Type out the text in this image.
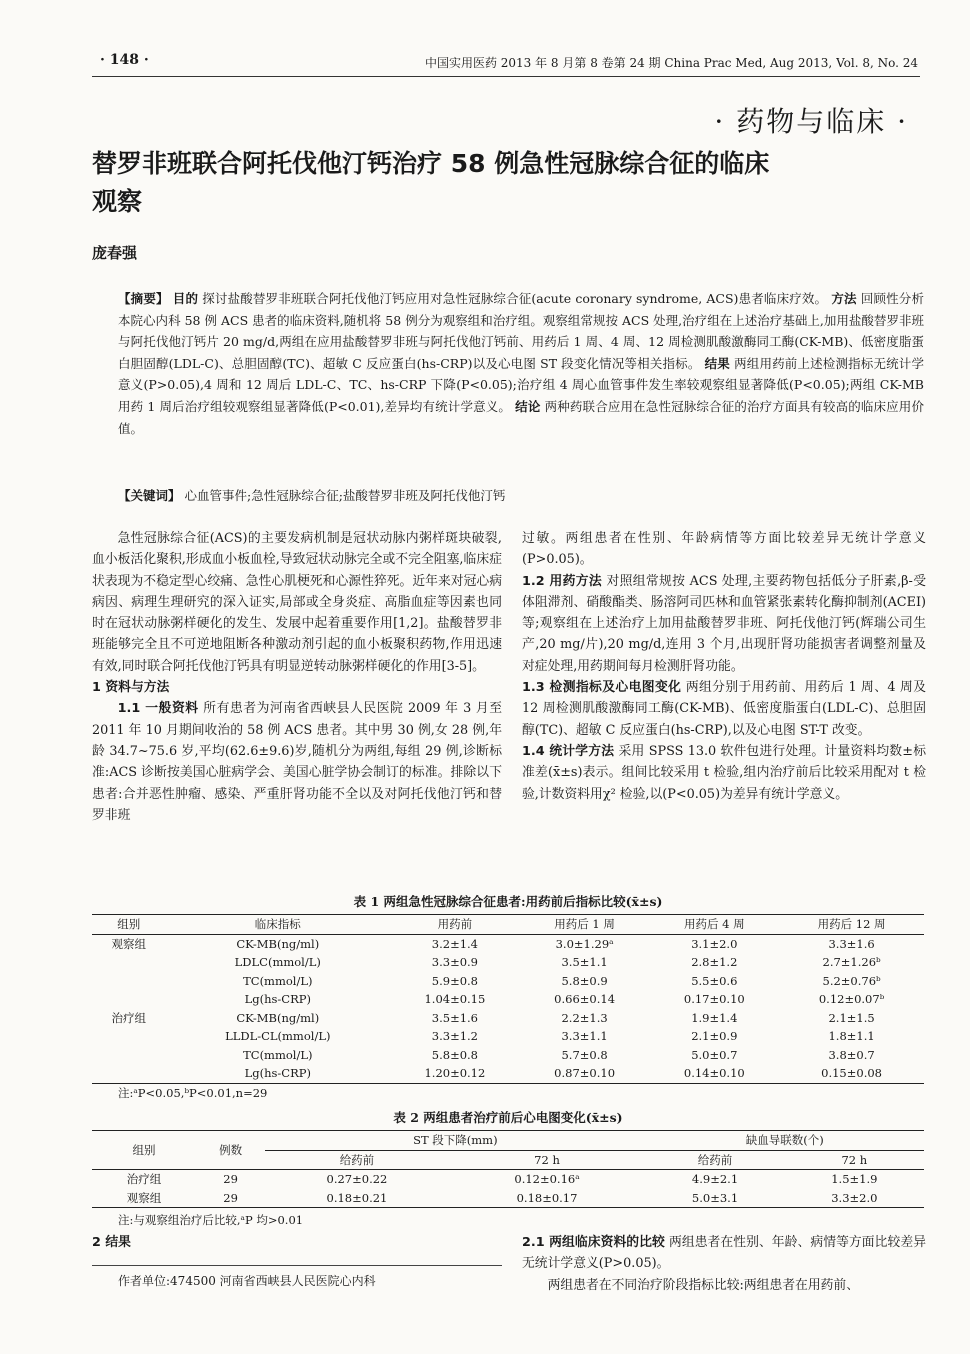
· 148 ·	中国实用医药 2013 年 8 月第 8 卷第 24 期 China Prac Med, Aug 2013, Vol. 8, No. 24
· 药物与临床 ·
替罗非班联合阿托伐他汀钙治疗 58 例急性冠脉综合征的临床观察
庞春强
【摘要】 目的 探讨盐酸替罗非班联合阿托伐他汀钙应用对急性冠脉综合征(acute coronary syndrome, ACS)患者临床疗效。 方法 回顾性分析本院心内科 58 例 ACS 患者的临床资料,随机将 58 例分为观察组和治疗组。观察组常规按 ACS 处理,治疗组在上述治疗基础上,加用盐酸替罗非班与阿托伐他汀钙片 20 mg/d,两组在应用盐酸替罗非班与阿托伐他汀钙前、用药后 1 周、4 周、12 周检测肌酸激酶同工酶(CK-MB)、低密度脂蛋白胆固醇(LDL-C)、总胆固醇(TC)、超敏 C 反应蛋白(hs-CRP)以及心电图 ST 段变化情况等相关指标。 结果 两组用药前上述检测指标无统计学意义(P>0.05),4 周和 12 周后 LDL-C、TC、hs-CRP 下降(P<0.05);治疗组 4 周心血管事件发生率较观察组显著降低(P<0.05);两组 CK-MB 用药 1 周后治疗组较观察组显著降低(P<0.01),差异均有统计学意义。 结论 两种药联合应用在急性冠脉综合征的治疗方面具有较高的临床应用价值。
【关键词】 心血管事件;急性冠脉综合征;盐酸替罗非班及阿托伐他汀钙

急性冠脉综合征(ACS)的主要发病机制是冠状动脉内粥样斑块破裂,血小板活化聚积,形成血小板血栓,导致冠状动脉完全或不完全阻塞,临床症状表现为不稳定型心绞痛、急性心肌梗死和心源性猝死。近年来对冠心病病因、病理生理研究的深入证实,局部或全身炎症、高脂血症等因素也同时在冠状动脉粥样硬化的发生、发展中起着重要作用[1,2]。盐酸替罗非班能够完全且不可逆地阻断各种激动剂引起的血小板聚积药物,作用迅速有效,同时联合阿托伐他汀钙具有明显逆转动脉粥样硬化的作用[3-5]。

1 资料与方法

1.1 一般资料 所有患者为河南省西峡县人民医院 2009 年 3 月至 2011 年 10 月期间收治的 58 例 ACS 患者。其中男 30 例,女 28 例,年龄 34.7~75.6 岁,平均(62.6±9.6)岁,随机分为两组,每组 29 例,诊断标准:ACS 诊断按美国心脏病学会、美国心脏学协会制订的标准。排除以下患者:合并恶性肿瘤、感染、严重肝肾功能不全以及对阿托伐他汀钙和替罗非班

过敏。两组患者在性别、年龄病情等方面比较差异无统计学意义(P>0.05)。

1.2 用药方法 对照组常规按 ACS 处理,主要药物包括低分子肝素,β-受体阻滞剂、硝酸酯类、肠溶阿司匹林和血管紧张素转化酶抑制剂(ACEI)等;观察组在上述治疗上加用盐酸替罗非班、阿托伐他汀钙(辉瑞公司生产,20 mg/片),20 mg/d,连用 3 个月,出现肝肾功能损害者调整剂量及对症处理,用药期间每月检测肝肾功能。

1.3 检测指标及心电图变化 两组分别于用药前、用药后 1 周、4 周及 12 周检测肌酸激酶同工酶(CK-MB)、低密度脂蛋白(LDL-C)、总胆固醇(TC)、超敏 C 反应蛋白(hs-CRP),以及心电图 ST-T 改变。

1.4 统计学方法 采用 SPSS 13.0 软件包进行处理。计量资料均数±标准差(x̄±s)表示。组间比较采用 t 检验,组内治疗前后比较采用配对 t 检验,计数资料用χ² 检验,以(P<0.05)为差异有统计学意义。

表 1 两组急性冠脉综合征患者:用药前后指标比较(x̄±s)
组别	临床指标	用药前	用药后 1 周	用药后 4 周	用药后 12 周
观察组	CK-MB(ng/ml)	3.2±1.4	3.0±1.29ᵃ	3.1±2.0	3.3±1.6
	LDLC(mmol/L)	3.3±0.9	3.5±1.1	2.8±1.2	2.7±1.26ᵇ
	TC(mmol/L)	5.9±0.8	5.8±0.9	5.5±0.6	5.2±0.76ᵇ
	Lg(hs-CRP)	1.04±0.15	0.66±0.14	0.17±0.10	0.12±0.07ᵇ
治疗组	CK-MB(ng/ml)	3.5±1.6	2.2±1.3	1.9±1.4	2.1±1.5
	LLDL-CL(mmol/L)	3.3±1.2	3.3±1.1	2.1±0.9	1.8±1.1
	TC(mmol/L)	5.8±0.8	5.7±0.8	5.0±0.7	3.8±0.7
	Lg(hs-CRP)	1.20±0.12	0.87±0.10	0.14±0.10	0.15±0.08
注:ᵃP<0.05,ᵇP<0.01,n=29
表 2 两组患者治疗前后心电图变化(x̄±s)
组别	例数	ST 段下降(mm)		缺血导联数(个)	
		给药前	72 h	给药前	72 h
治疗组	29	0.27±0.22	0.12±0.16ᵃ	4.9±2.1	1.5±1.9
观察组	29	0.18±0.21	0.18±0.17	5.0±3.1	3.3±2.0
注:与观察组治疗后比较,ᵃP 均>0.01

2 结果

作者单位:474500 河南省西峡县人民医院心内科

2.1 两组临床资料的比较 两组患者在性别、年龄、病情等方面比较差异无统计学意义(P>0.05)。

两组患者在不同治疗阶段指标比较:两组患者在用药前、
